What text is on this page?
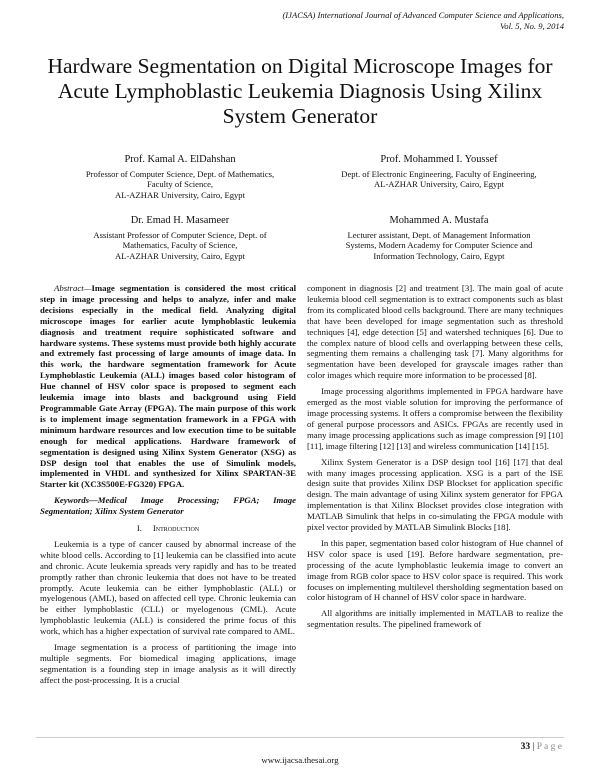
(IJACSA) International Journal of Advanced Computer Science and Applications,
Vol. 5, No. 9, 2014
Hardware Segmentation on Digital Microscope Images for Acute Lymphoblastic Leukemia Diagnosis Using Xilinx System Generator
Prof. Kamal A. ElDahshan
Professor of Computer Science, Dept. of Mathematics,
Faculty of Science,
AL-AZHAR University, Cairo, Egypt
Prof. Mohammed I. Youssef
Dept. of Electronic Engineering, Faculty of Engineering,
AL-AZHAR University, Cairo, Egypt
Dr. Emad H. Masameer
Assistant Professor of Computer Science, Dept. of
Mathematics, Faculty of Science,
AL-AZHAR University, Cairo, Egypt
Mohammed A. Mustafa
Lecturer assistant, Dept. of Management Information
Systems, Modern Academy for Computer Science and
Information Technology, Cairo, Egypt

Abstract—Image segmentation is considered the most critical step in image processing and helps to analyze, infer and make decisions especially in the medical field. Analyzing digital microscope images for earlier acute lymphoblastic leukemia diagnosis and treatment require sophisticated software and hardware systems. These systems must provide both highly accurate and extremely fast processing of large amounts of image data. In this work, the hardware segmentation framework for Acute Lymphoblastic Leukemia (ALL) images based color histogram of Hue channel of HSV color space is proposed to segment each leukemia image into blasts and background using Field Programmable Gate Array (FPGA). The main purpose of this work is to implement image segmentation framework in a FPGA with minimum hardware resources and low execution time to be suitable enough for medical applications. Hardware framework of segmentation is designed using Xilinx System Generator (XSG) as DSP design tool that enables the use of Simulink models, implemented in VHDL and synthesized for Xilinx SPARTAN-3E Starter kit (XC3S500E-FG320) FPGA.

Keywords—Medical Image Processing; FPGA; Image Segmentation; Xilinx System Generator

I. Introduction

Leukemia is a type of cancer caused by abnormal increase of the white blood cells. According to [1] leukemia can be classified into acute and chronic. Acute leukemia spreads very rapidly and has to be treated promptly rather than chronic leukemia that does not have to be treated promptly. Acute leukemia can be either lymphoblastic (ALL) or myelogenous (AML), based on affected cell type. Chronic leukemia can be either lymphoblastic (CLL) or myelogenous (CML). Acute lymphoblastic leukemia (ALL) is considered the prime focus of this work, which has a higher expectation of survival rate compared to AML.

Image segmentation is a process of partitioning the image into multiple segments. For biomedical imaging applications, image segmentation is a founding step in image analysis as it will directly affect the post-processing. It is a crucial

component in diagnosis [2] and treatment [3]. The main goal of acute leukemia blood cell segmentation is to extract components such as blast from its complicated blood cells background. There are many techniques that have been developed for image segmentation such as threshold techniques [4], edge detection [5] and watershed techniques [6]. Due to the complex nature of blood cells and overlapping between these cells, segmenting them remains a challenging task [7]. Many algorithms for segmentation have been developed for grayscale images rather than color images which require more information to be processed [8].

Image processing algorithms implemented in FPGA hardware have emerged as the most viable solution for improving the performance of image processing systems. It offers a compromise between the flexibility of general purpose processors and ASICs. FPGAs are recently used in many image processing applications such as image compression [9] [10] [11], image filtering [12] [13] and wireless communication [14] [15].

Xilinx System Generator is a DSP design tool [16] [17] that deal with many images processing application. XSG is a part of the ISE design suite that provides Xilinx DSP Blockset for application specific design. The main advantage of using Xilinx system generator for FPGA implementation is that Xilinx Blockset provides close integration with MATLAB Simulink that helps in co-simulating the FPGA module with pixel vector provided by MATLAB Simulink Blocks [18].

In this paper, segmentation based color histogram of Hue channel of HSV color space is used [19]. Before hardware segmentation, pre-processing of the acute lymphoblastic leukemia image to convert an image from RGB color space to HSV color space is required. This work focuses on implementing multilevel thersholding segmentation based on color histogram of H channel of HSV color space in hardware.

All algorithms are initially implemented in MATLAB to realize the segmentation results. The pipelined framework of

33 | P a g e
www.ijacsa.thesai.org
